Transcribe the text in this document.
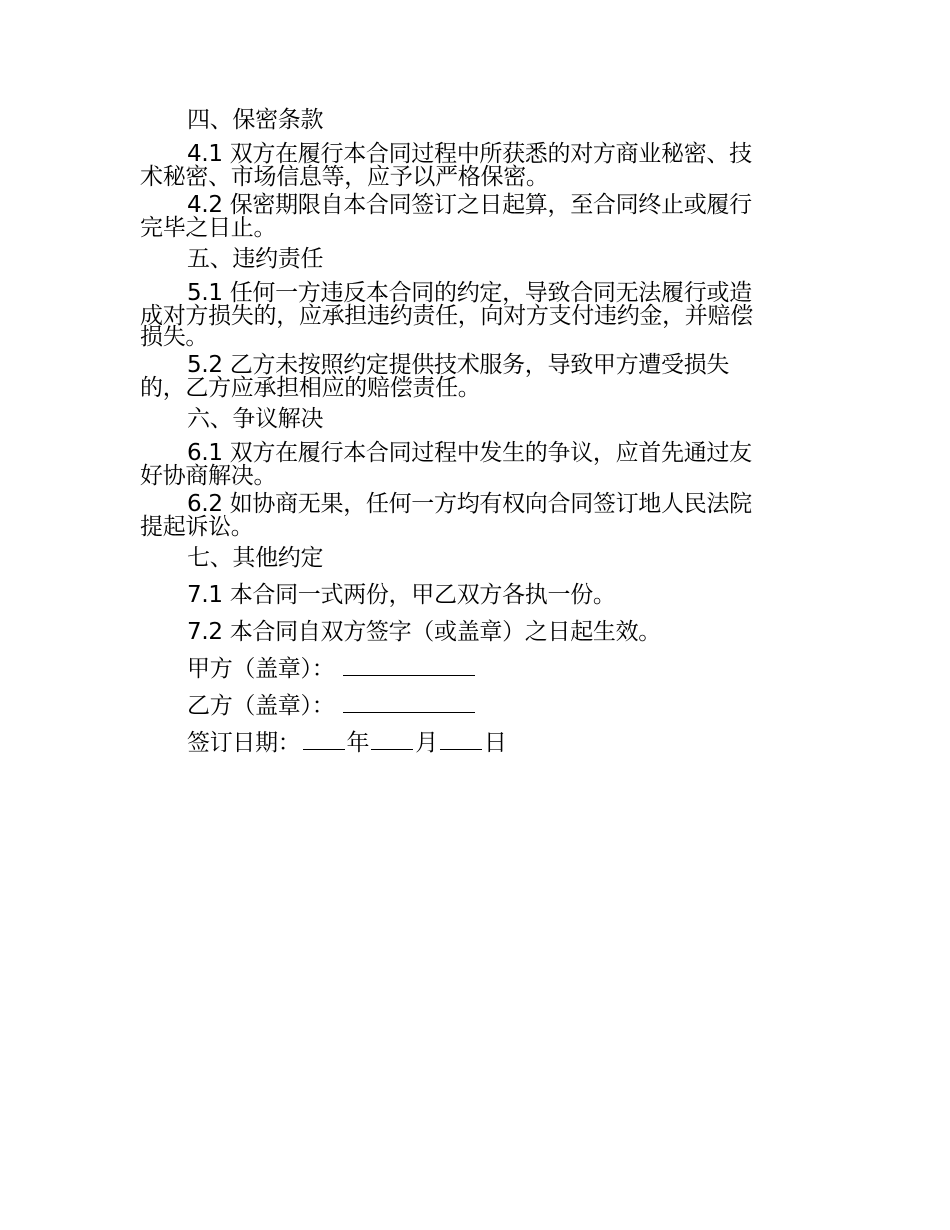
四、保密条款
4.1 双方在履行本合同过程中所获悉的对方商业秘密、技
术秘密、市场信息等，应予以严格保密。
4.2 保密期限自本合同签订之日起算，至合同终止或履行
完毕之日止。
五、违约责任
5.1 任何一方违反本合同的约定，导致合同无法履行或造
成对方损失的，应承担违约责任，向对方支付违约金，并赔偿
损失。
5.2 乙方未按照约定提供技术服务，导致甲方遭受损失
的，乙方应承担相应的赔偿责任。
六、争议解决
6.1 双方在履行本合同过程中发生的争议，应首先通过友
好协商解决。
6.2 如协商无果，任何一方均有权向合同签订地人民法院
提起诉讼。
七、其他约定
7.1 本合同一式两份，甲乙双方各执一份。
7.2 本合同自双方签字（或盖章）之日起生效。
甲方（盖章）：
乙方（盖章）：
签订日期： 年 月 日
